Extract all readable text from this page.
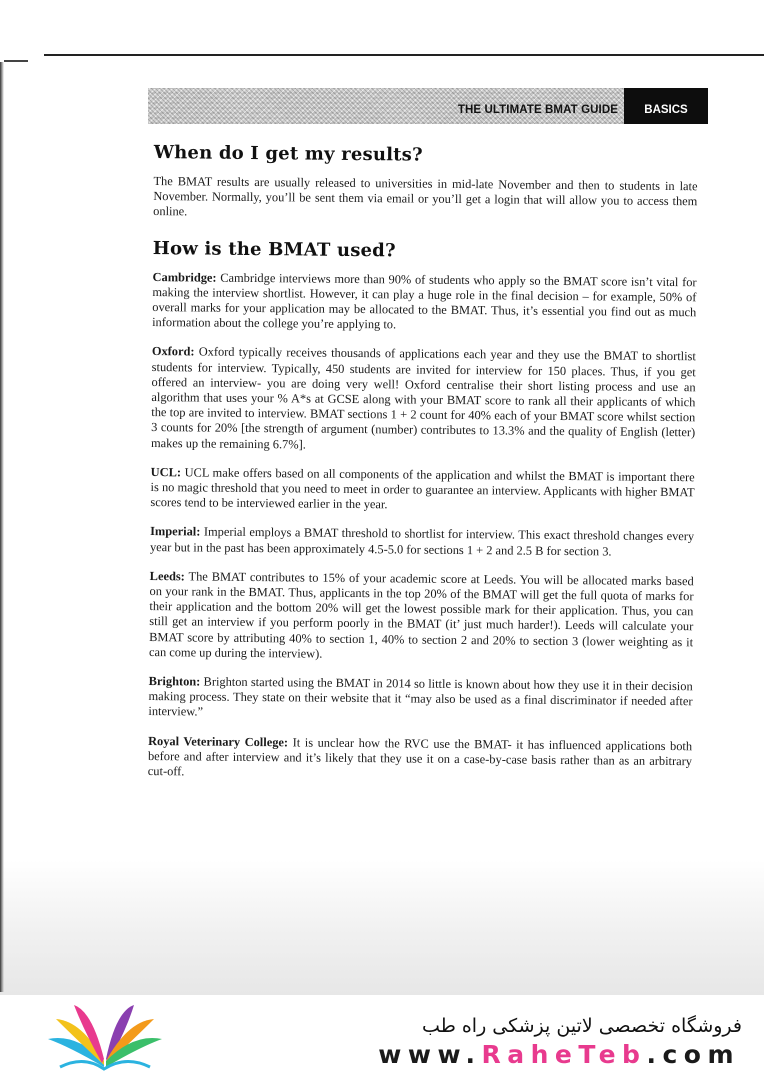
THE ULTIMATE BMAT GUIDE	BASICS
When do I get my results?

The BMAT results are usually released to universities in mid-late November and then to students in late November. Normally, you’ll be sent them via email or you’ll get a login that will allow you to access them online.

How is the BMAT used?

Cambridge: Cambridge interviews more than 90% of students who apply so the BMAT score isn’t vital for making the interview shortlist. However, it can play a huge role in the final decision – for example, 50% of overall marks for your application may be allocated to the BMAT. Thus, it’s essential you find out as much information about the college you’re applying to.

Oxford: Oxford typically receives thousands of applications each year and they use the BMAT to shortlist students for interview. Typically, 450 students are invited for interview for 150 places. Thus, if you get offered an interview- you are doing very well! Oxford centralise their short listing process and use an algorithm that uses your % A*s at GCSE along with your BMAT score to rank all their applicants of which the top are invited to interview. BMAT sections 1 + 2 count for 40% each of your BMAT score whilst section 3 counts for 20% [the strength of argument (number) contributes to 13.3% and the quality of English (letter) makes up the remaining 6.7%].

UCL: UCL make offers based on all components of the application and whilst the BMAT is important there is no magic threshold that you need to meet in order to guarantee an interview. Applicants with higher BMAT scores tend to be interviewed earlier in the year.

Imperial: Imperial employs a BMAT threshold to shortlist for interview. This exact threshold changes every year but in the past has been approximately 4.5-5.0 for sections 1 + 2 and 2.5 B for section 3.

Leeds: The BMAT contributes to 15% of your academic score at Leeds. You will be allocated marks based on your rank in the BMAT. Thus, applicants in the top 20% of the BMAT will get the full quota of marks for their application and the bottom 20% will get the lowest possible mark for their application. Thus, you can still get an interview if you perform poorly in the BMAT (it’ just much harder!). Leeds will calculate your BMAT score by attributing 40% to section 1, 40% to section 2 and 20% to section 3 (lower weighting as it can come up during the interview).

Brighton: Brighton started using the BMAT in 2014 so little is known about how they use it in their decision making process. They state on their website that it “may also be used as a final discriminator if needed after interview.”

Royal Veterinary College: It is unclear how the RVC use the BMAT- it has influenced applications both before and after interview and it’s likely that they use it on a case-by-case basis rather than as an arbitrary cut-off.

فروشگاه تخصصی لاتین پزشکی راه طب
www.RaheTeb.com
